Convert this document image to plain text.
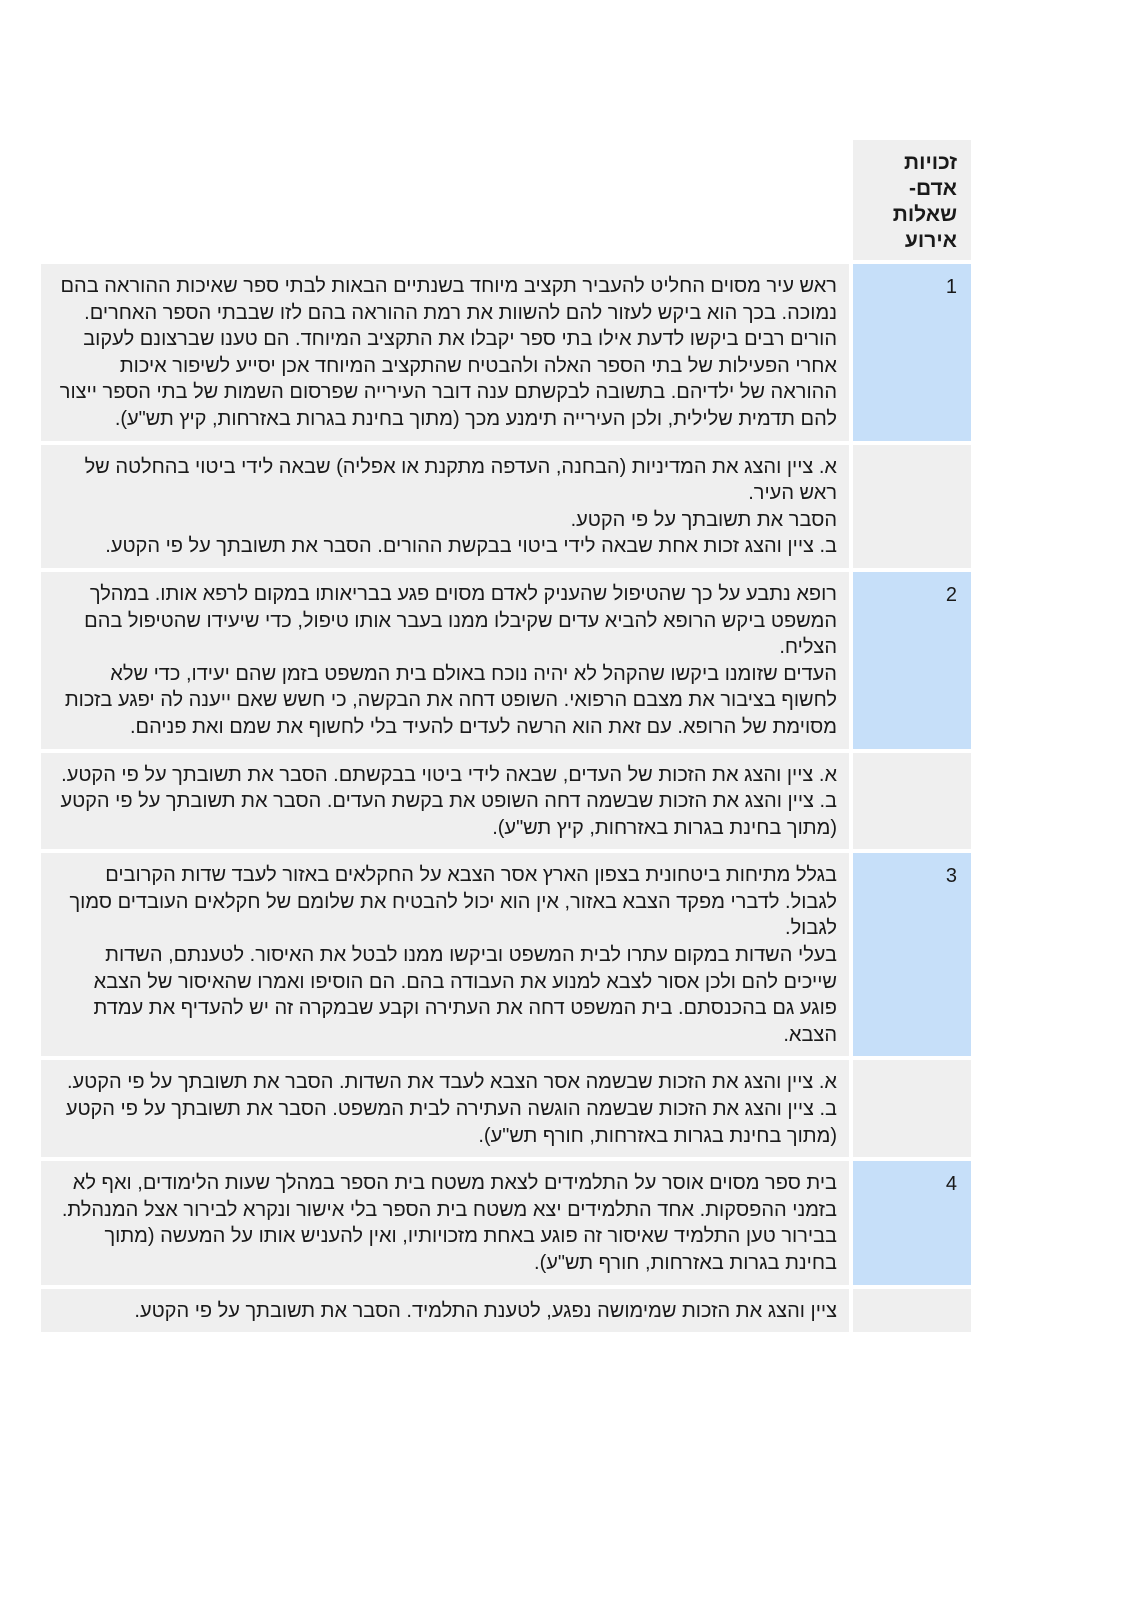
זכויות אדם- שאלות אירוע
1

ראש עיר מסוים החליט להעביר תקציב מיוחד בשנתיים הבאות לבתי ספר שאיכות ההוראה בהם נמוכה. בכך הוא ביקש לעזור להם להשוות את רמת ההוראה בהם לזו שבבתי הספר האחרים.

הורים רבים ביקשו לדעת אילו בתי ספר יקבלו את התקציב המיוחד. הם טענו שברצונם לעקוב אחרי הפעילות של בתי הספר האלה ולהבטיח שהתקציב המיוחד אכן יסייע לשיפור איכות ההוראה של ילדיהם. בתשובה לבקשתם ענה דובר העירייה שפרסום השמות של בתי הספר ייצור להם תדמית שלילית, ולכן העירייה תימנע מכך (מתוך בחינת בגרות באזרחות, קיץ תש"ע).

א. ציין והצג את המדיניות (הבחנה, העדפה מתקנת או אפליה) שבאה לידי ביטוי בהחלטה של ראש העיר.

הסבר את תשובתך על פי הקטע.

ב. ציין והצג זכות אחת שבאה לידי ביטוי בבקשת ההורים. הסבר את תשובתך על פי הקטע.

2

רופא נתבע על כך שהטיפול שהעניק לאדם מסוים פגע בבריאותו במקום לרפא אותו. במהלך המשפט ביקש הרופא להביא עדים שקיבלו ממנו בעבר אותו טיפול, כדי שיעידו שהטיפול בהם הצליח.

העדים שזומנו ביקשו שהקהל לא יהיה נוכח באולם בית המשפט בזמן שהם יעידו, כדי שלא לחשוף בציבור את מצבם הרפואי. השופט דחה את הבקשה, כי חשש שאם ייענה לה יפגע בזכות מסוימת של הרופא. עם זאת הוא הרשה לעדים להעיד בלי לחשוף את שמם ואת פניהם.

א. ציין והצג את הזכות של העדים, שבאה לידי ביטוי בבקשתם. הסבר את תשובתך על פי הקטע.

ב. ציין והצג את הזכות שבשמה דחה השופט את בקשת העדים. הסבר את תשובתך על פי הקטע (מתוך בחינת בגרות באזרחות, קיץ תש"ע).

3

בגלל מתיחות ביטחונית בצפון הארץ אסר הצבא על החקלאים באזור לעבד שדות הקרובים לגבול. לדברי מפקד הצבא באזור, אין הוא יכול להבטיח את שלומם של חקלאים העובדים סמוך לגבול.

בעלי השדות במקום עתרו לבית המשפט וביקשו ממנו לבטל את האיסור. לטענתם, השדות שייכים להם ולכן אסור לצבא למנוע את העבודה בהם. הם הוסיפו ואמרו שהאיסור של הצבא פוגע גם בהכנסתם. בית המשפט דחה את העתירה וקבע שבמקרה זה יש להעדיף את עמדת הצבא.

א. ציין והצג את הזכות שבשמה אסר הצבא לעבד את השדות. הסבר את תשובתך על פי הקטע.

ב. ציין והצג את הזכות שבשמה הוגשה העתירה לבית המשפט. הסבר את תשובתך על פי הקטע (מתוך בחינת בגרות באזרחות, חורף תש"ע).

4

בית ספר מסוים אוסר על התלמידים לצאת משטח בית הספר במהלך שעות הלימודים, ואף לא בזמני ההפסקות. אחד התלמידים יצא משטח בית הספר בלי אישור ונקרא לבירור אצל המנהלת. בבירור טען התלמיד שאיסור זה פוגע באחת מזכויותיו, ואין להעניש אותו על המעשה (מתוך בחינת בגרות באזרחות, חורף תש"ע).

ציין והצג את הזכות שמימושה נפגע, לטענת התלמיד. הסבר את תשובתך על פי הקטע.
